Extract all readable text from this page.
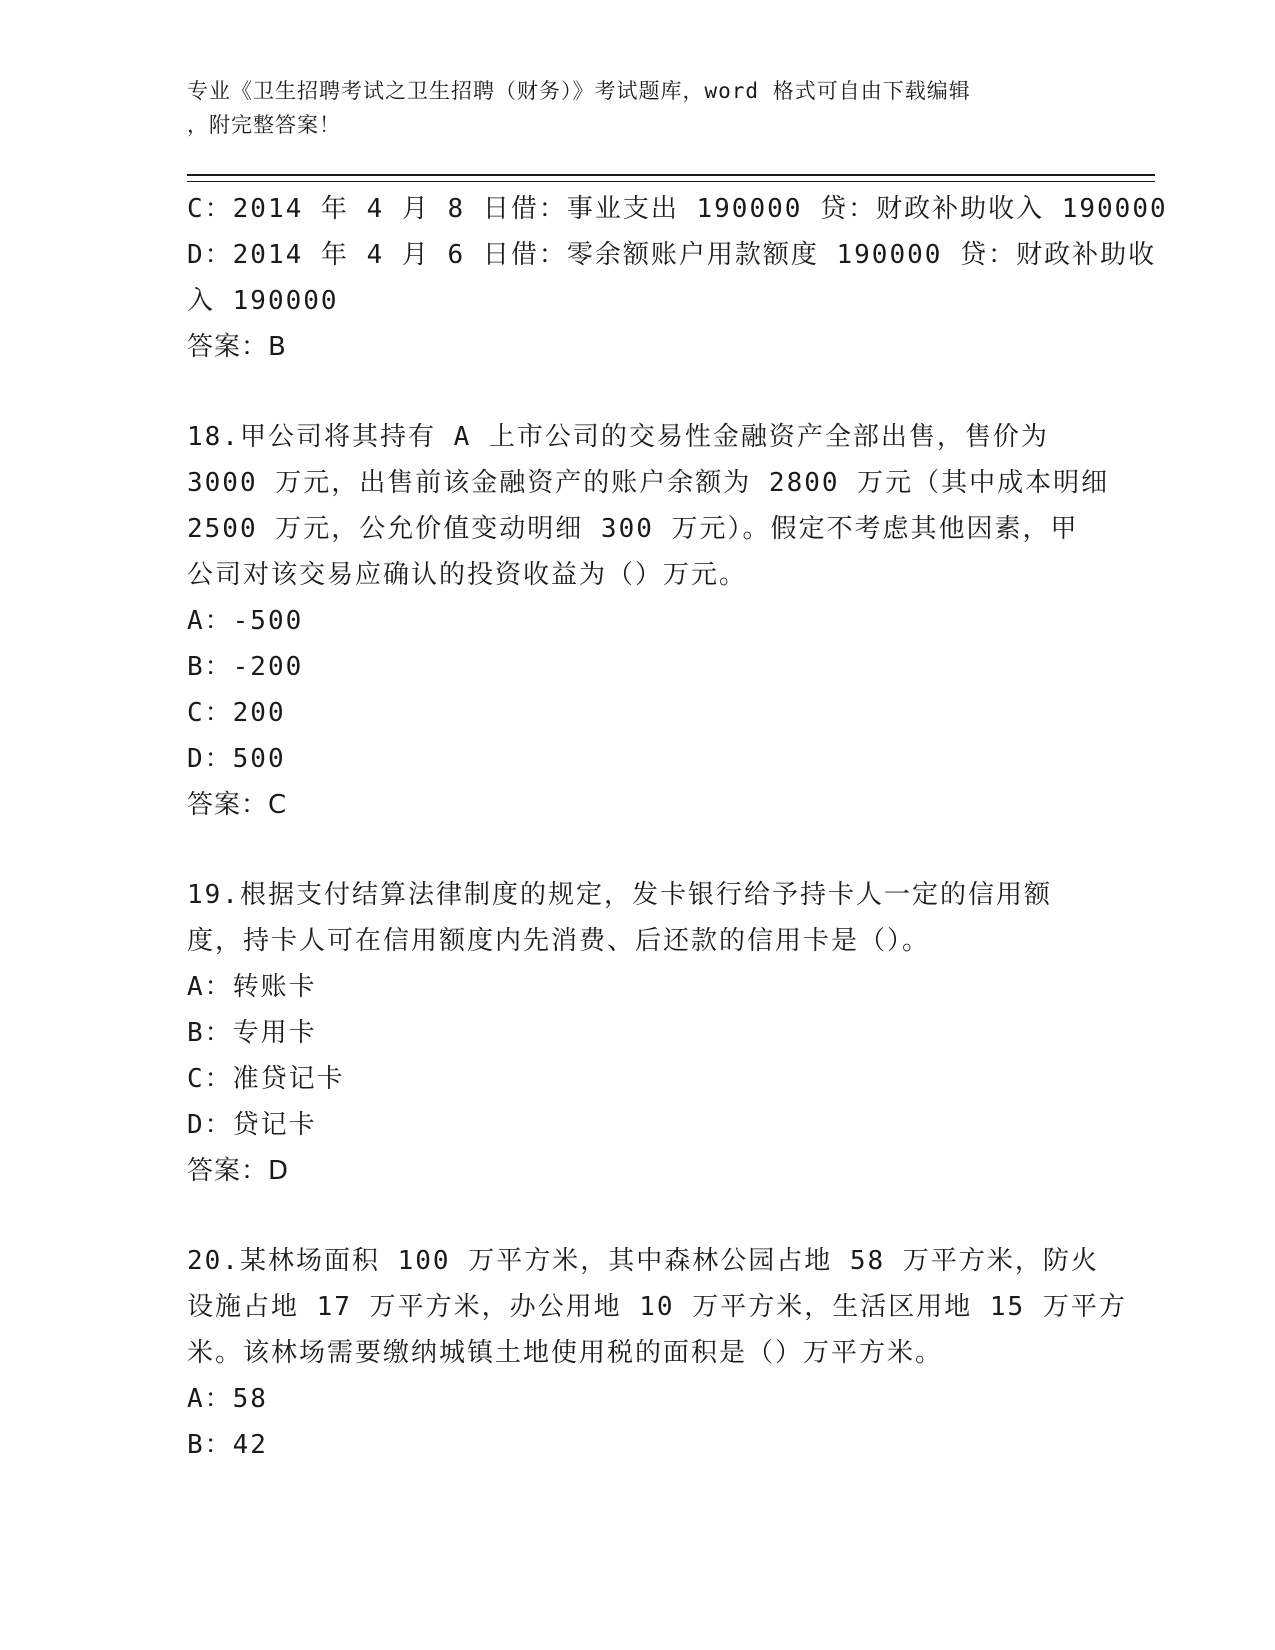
专业《卫生招聘考试之卫生招聘（财务）》考试题库，word 格式可自由下载编辑
，附完整答案！
C：2014 年 4 月 8 日借：事业支出 190000 贷：财政补助收入 190000
D：2014 年 4 月 6 日借：零余额账户用款额度 190000 贷：财政补助收
入 190000
答案：B
18.甲公司将其持有 A 上市公司的交易性金融资产全部出售，售价为
3000 万元，出售前该金融资产的账户余额为 2800 万元（其中成本明细
2500 万元，公允价值变动明细 300 万元）。假定不考虑其他因素，甲
公司对该交易应确认的投资收益为（）万元。
A：-500
B：-200
C：200
D：500
答案：C
19.根据支付结算法律制度的规定，发卡银行给予持卡人一定的信用额
度，持卡人可在信用额度内先消费、后还款的信用卡是（）。
A：转账卡
B：专用卡
C：准贷记卡
D：贷记卡
答案：D
20.某林场面积 100 万平方米，其中森林公园占地 58 万平方米，防火
设施占地 17 万平方米，办公用地 10 万平方米，生活区用地 15 万平方
米。该林场需要缴纳城镇土地使用税的面积是（）万平方米。
A：58
B：42
